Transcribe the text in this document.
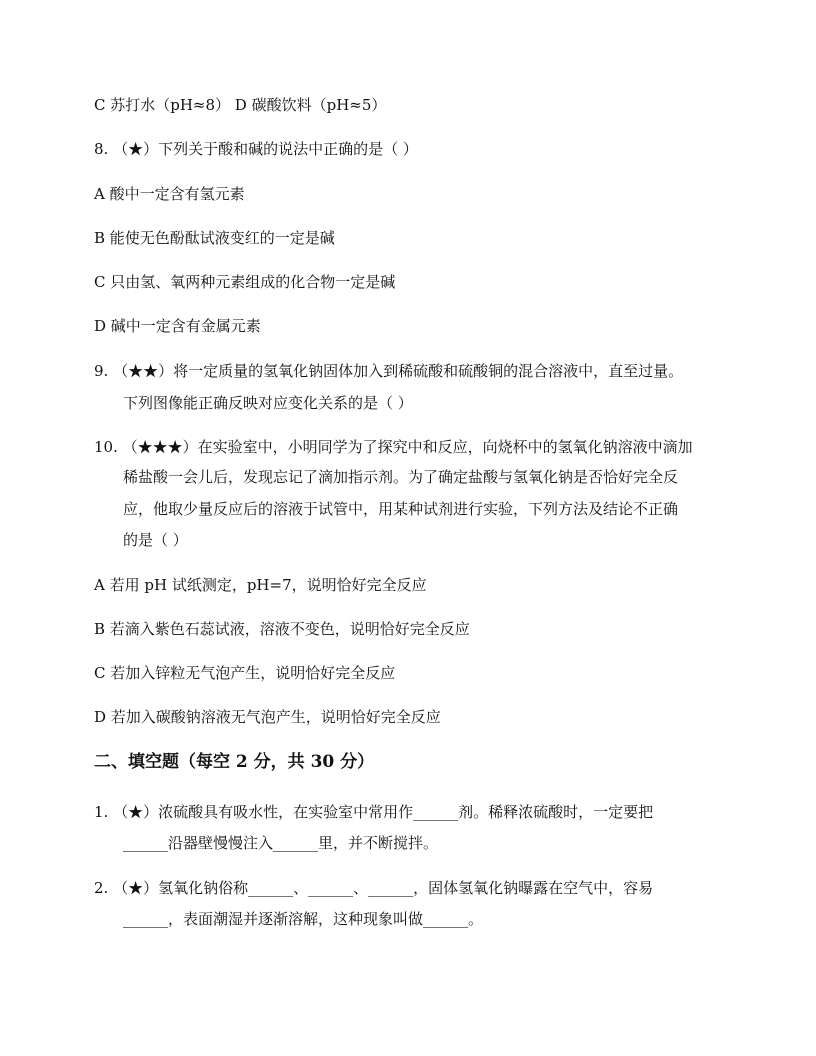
C 苏打水（pH≈8） D 碳酸饮料（pH≈5）
8. （★）下列关于酸和碱的说法中正确的是（ ）
A 酸中一定含有氢元素
B 能使无色酚酞试液变红的一定是碱
C 只由氢、氧两种元素组成的化合物一定是碱
D 碱中一定含有金属元素
9. （★★）将一定质量的氢氧化钠固体加入到稀硫酸和硫酸铜的混合溶液中，直至过量。
下列图像能正确反映对应变化关系的是（ ）
10. （★★★）在实验室中，小明同学为了探究中和反应，向烧杯中的氢氧化钠溶液中滴加
稀盐酸一会儿后，发现忘记了滴加指示剂。为了确定盐酸与氢氧化钠是否恰好完全反
应，他取少量反应后的溶液于试管中，用某种试剂进行实验，下列方法及结论不正确
的是（ ）
A 若用 pH 试纸测定，pH=7，说明恰好完全反应
B 若滴入紫色石蕊试液，溶液不变色，说明恰好完全反应
C 若加入锌粒无气泡产生，说明恰好完全反应
D 若加入碳酸钠溶液无气泡产生，说明恰好完全反应
二、填空题（每空 2 分，共 30 分）
1. （★）浓硫酸具有吸水性，在实验室中常用作______剂。稀释浓硫酸时，一定要把
______沿器壁慢慢注入______里，并不断搅拌。
2. （★）氢氧化钠俗称______、______、______，固体氢氧化钠曝露在空气中，容易
______，表面潮湿并逐渐溶解，这种现象叫做______。
